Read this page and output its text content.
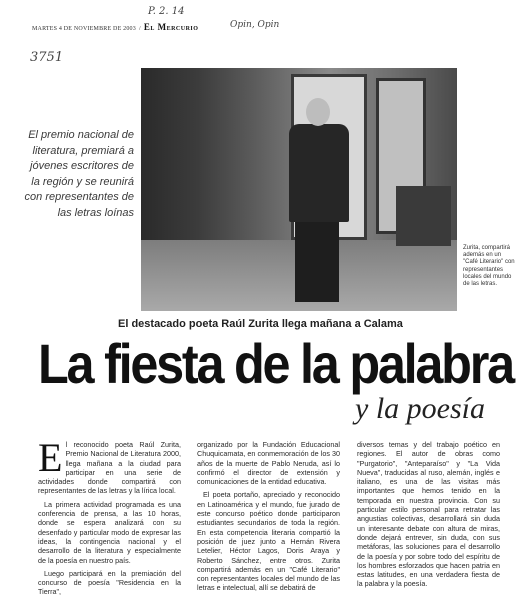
P. 2. 14
Opin, Opin
3751
MARTES 4 DE NOVIEMBRE DE 2003 / El Mercurio
El premio nacional de literatura, premiará a jóvenes escritores de la región y se reunirá con representantes de las letras loínas
Zurita, compartirá además en un "Café Literario" con representantes locales del mundo de las letras.
El destacado poeta Raúl Zurita llega mañana a Calama
La fiesta de la palabra
y la poesía

El reconocido poeta Raúl Zurita, Premio Nacional de Literatura 2000, llega mañana a la ciudad para participar en una serie de actividades donde compartirá con representantes de las letras y la lírica local.

La primera actividad programada es una conferencia de prensa, a las 10 horas, donde se espera analizará con su desenfado y particular modo de expresar las ideas, la contingencia nacional y el desarrollo de la literatura y especialmente de la poesía en nuestro país.

Luego participará en la premiación del concurso de poesía "Residencia en la Tierra",

organizado por la Fundación Educacional Chuquicamata, en conmemoración de los 30 años de la muerte de Pablo Neruda, así lo confirmó el director de extensión y comunicaciones de la entidad educativa.

El poeta portaño, apreciado y reconocido en Latinoamérica y el mundo, fue jurado de este concurso poético donde participaron estudiantes secundarios de toda la región. En esta competencia literaria compartió la posición de juez junto a Hernán Rivera Letelier, Héctor Lagos, Doris Araya y Roberto Sánchez, entre otros. Zurita compartirá además en un "Café Literario" con representantes locales del mundo de las letras e intelectual, allí se debatirá de

diversos temas y del trabajo poético en regiones. El autor de obras como "Purgatorio", "Anteparaíso" y "La Vida Nueva", traducidas al ruso, alemán, inglés e italiano, es una de las visitas más importantes que hemos tenido en la temporada en nuestra provincia. Con su particular estilo personal para retratar las angustias colectivas, desarrollará sin duda un interesante debate con altura de miras, donde dejará entrever, sin duda, con sus metáforas, las soluciones para el desarrollo de la poesía y por sobre todo del espíritu de los hombres esforzados que hacen patria en estas latitudes, en una verdadera fiesta de la palabra y la poesía.
